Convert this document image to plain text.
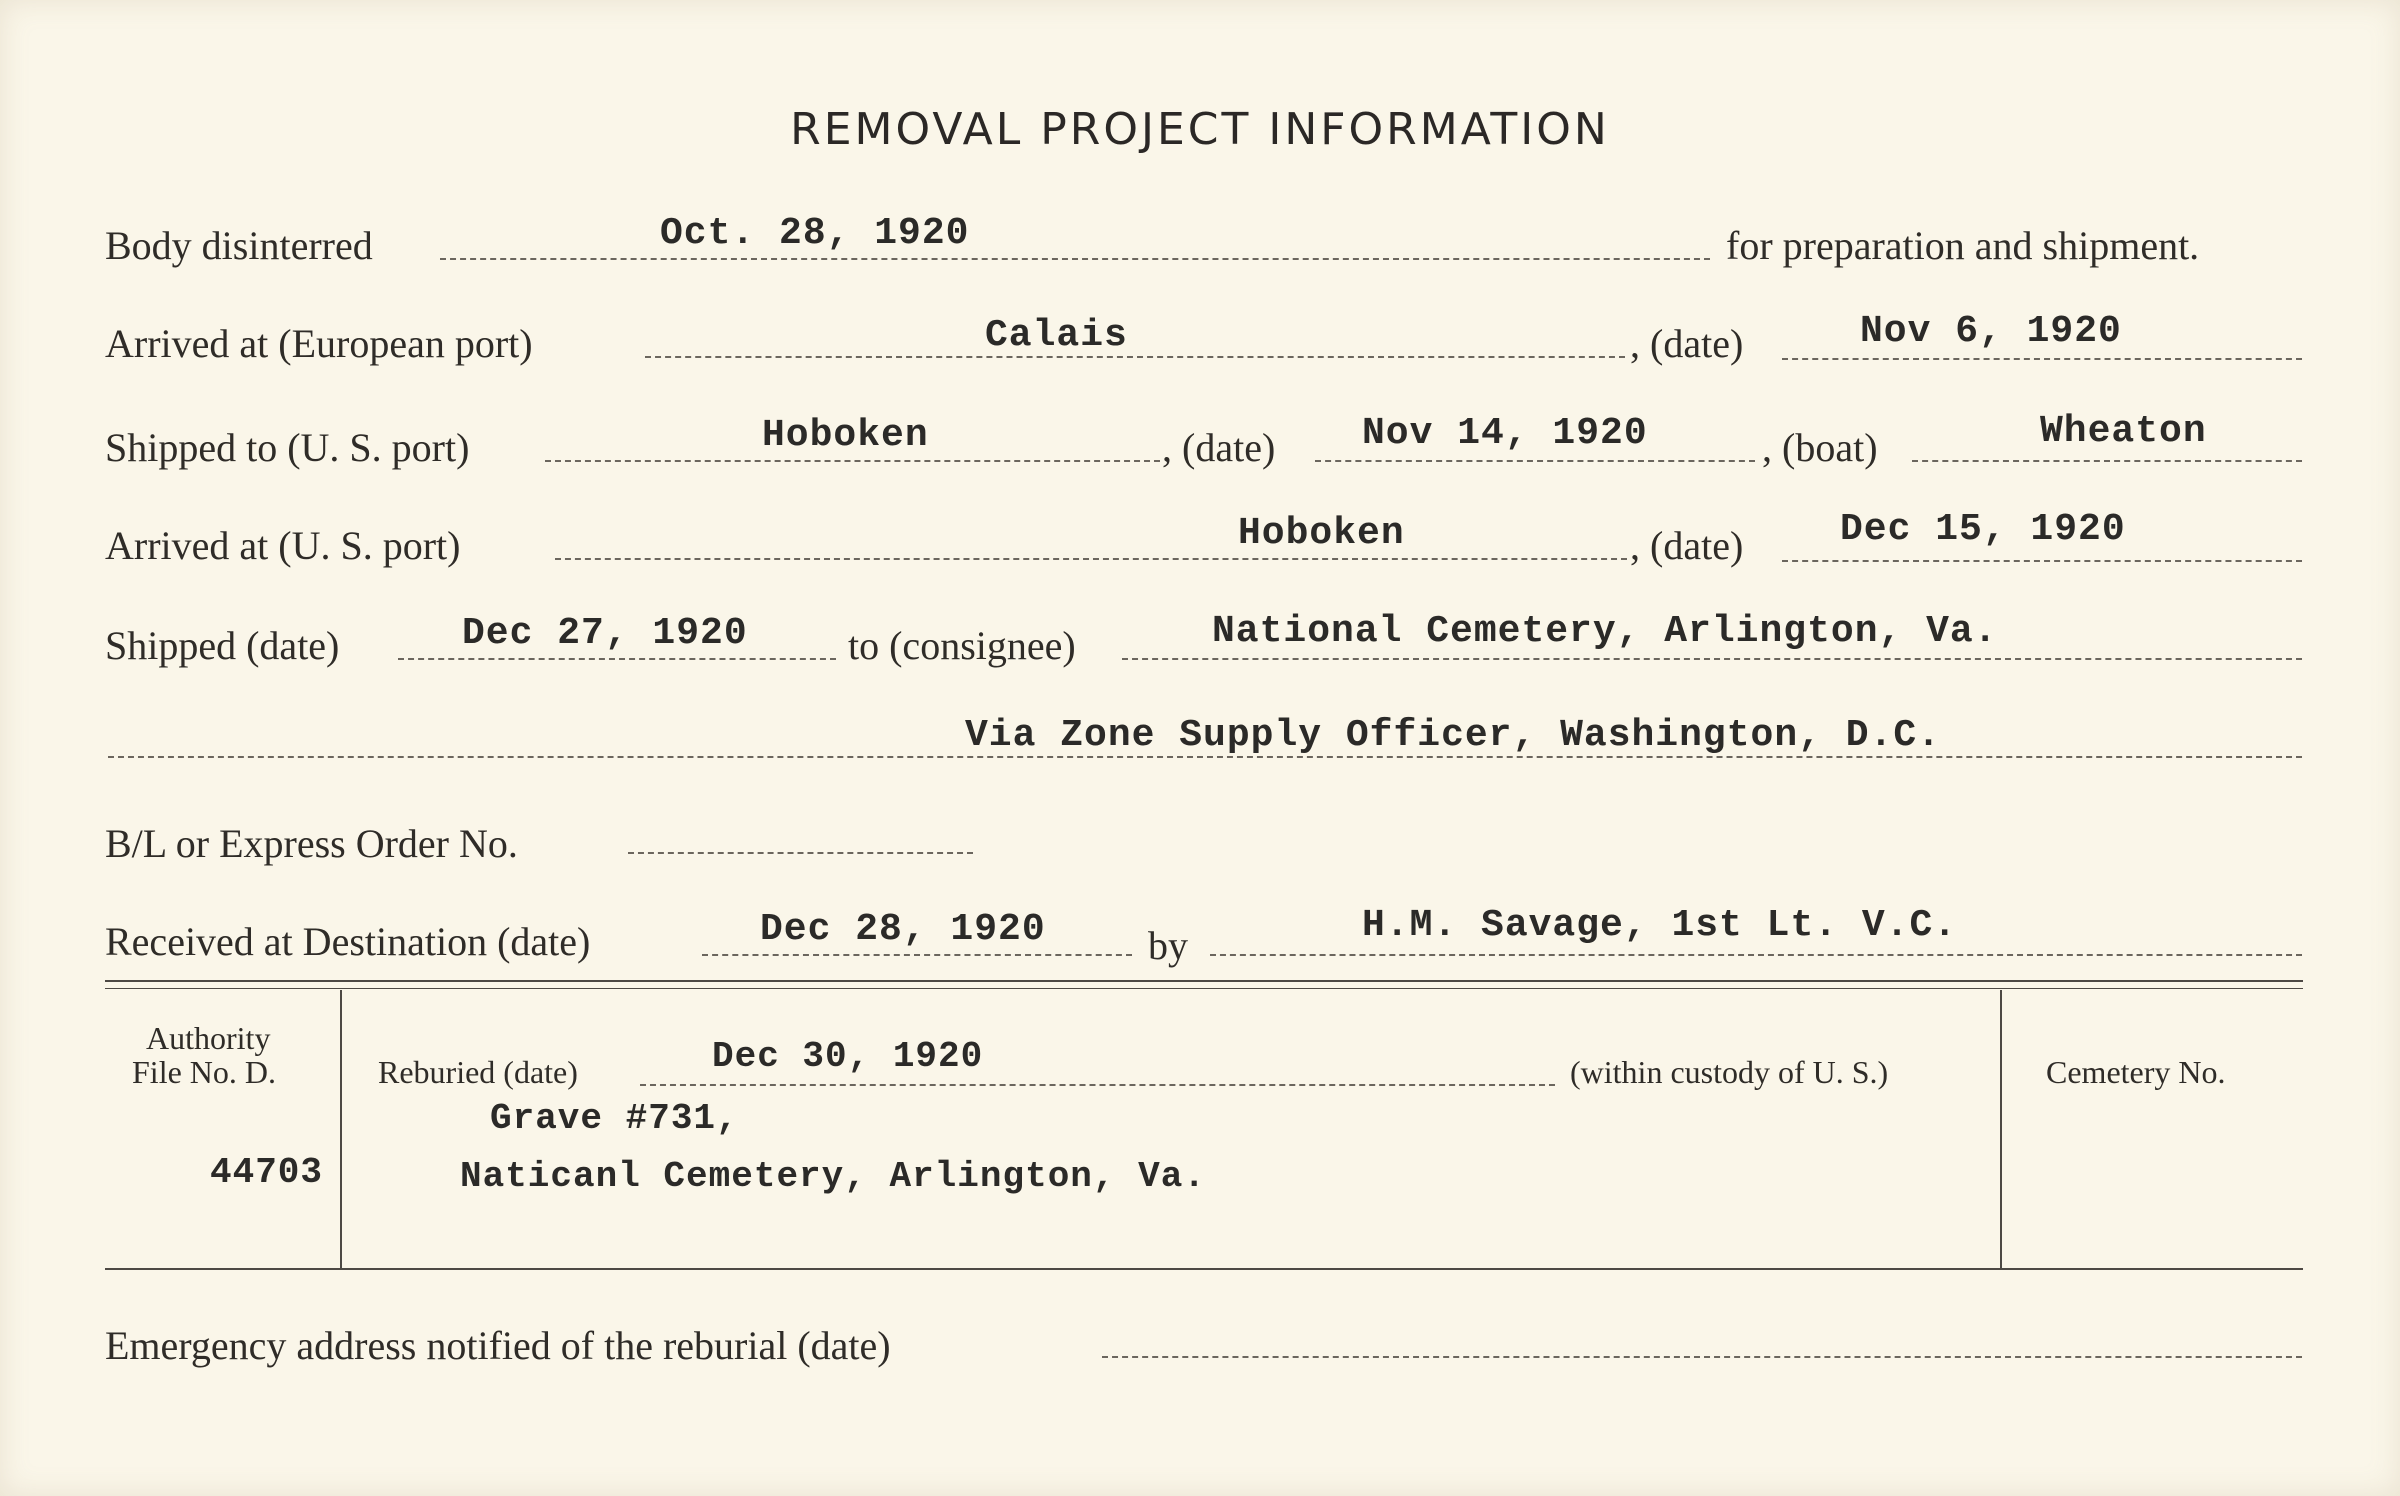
REMOVAL PROJECT INFORMATION
Body disinterred	Oct. 28, 1920	for preparation and shipment.
Arrived at (European port)	Calais	, (date)	Nov 6, 1920
Shipped to (U. S. port)	Hoboken	, (date) Nov 14, 1920	, (boat)	Wheaton
Arrived at (U. S. port)	Hoboken	, (date)	Dec 15, 1920
Shipped (date)	Dec 27, 1920	to (consignee)	National Cemetery, Arlington, Va.
Via Zone Supply Officer, Washington, D.C.
B/L or Express Order No.
Received at Destination (date)	Dec 28, 1920	by	H.M. Savage, 1st Lt. V.C.
Authority
File No. D.
44703
Reburied (date)	Dec 30, 1920	(within custody of U. S.)
Grave #731,
Naticanl Cemetery, Arlington, Va.
Cemetery No.
Emergency address notified of the reburial (date)
